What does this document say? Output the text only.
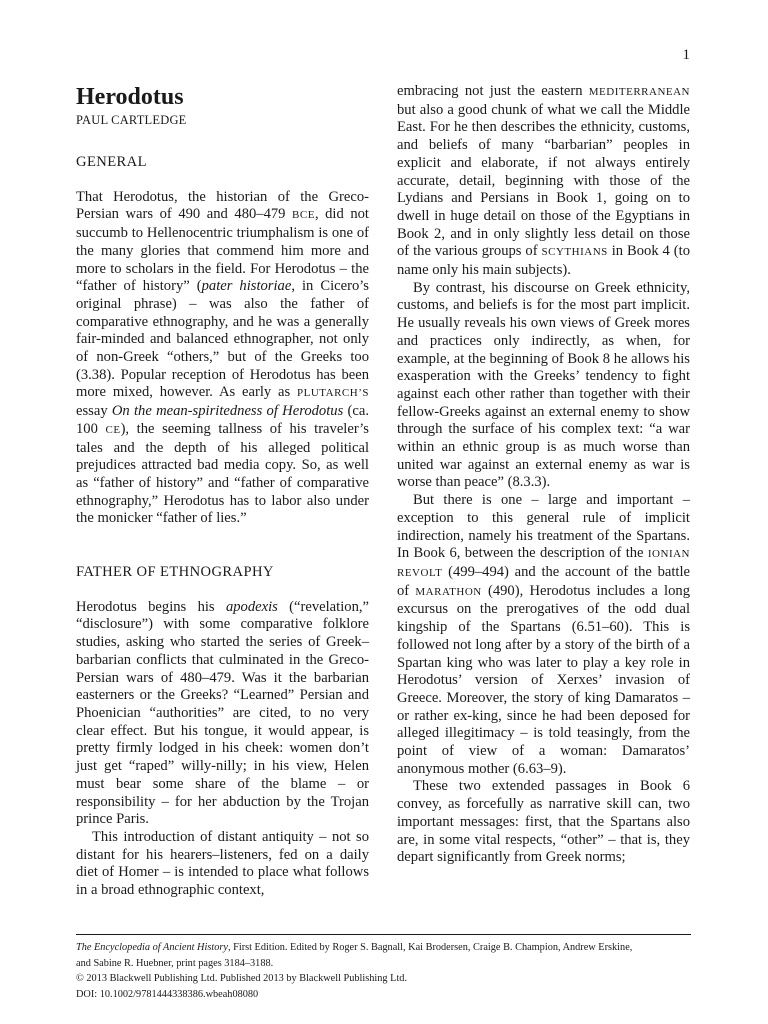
1
Herodotus
PAUL CARTLEDGE
GENERAL

That Herodotus, the historian of the Greco-Persian wars of 490 and 480–479 BCE, did not succumb to Hellenocentric triumphalism is one of the many glories that commend him more and more to scholars in the field. For Herodotus – the “father of history” (pater historiae, in Cicero’s original phrase) – was also the father of comparative ethnography, and he was a generally fair-minded and balanced ethnographer, not only of non-Greek “others,” but of the Greeks too (3.38). Popular reception of Herodotus has been more mixed, however. As early as PLUTARCH’S essay On the mean-spiritedness of Herodotus (ca. 100 CE), the seeming tallness of his traveler’s tales and the depth of his alleged political prejudices attracted bad media copy. So, as well as “father of history” and “father of comparative ethnography,” Herodotus has to labor also under the monicker “father of lies.”

FATHER OF ETHNOGRAPHY

Herodotus begins his apodexis (“revelation,” “disclosure”) with some comparative folklore studies, asking who started the series of Greek–barbarian conflicts that culminated in the Greco-Persian wars of 480–479. Was it the barbarian easterners or the Greeks? “Learned” Persian and Phoenician “authorities” are cited, to no very clear effect. But his tongue, it would appear, is pretty firmly lodged in his cheek: women don’t just get “raped” willy-nilly; in his view, Helen must bear some share of the blame – or responsibility – for her abduction by the Trojan prince Paris.

This introduction of distant antiquity – not so distant for his hearers–listeners, fed on a daily diet of Homer – is intended to place what follows in a broad ethnographic context,

embracing not just the eastern MEDITERRANEAN but also a good chunk of what we call the Middle East. For he then describes the ethnicity, customs, and beliefs of many “barbarian” peoples in explicit and elaborate, if not always entirely accurate, detail, beginning with those of the Lydians and Persians in Book 1, going on to dwell in huge detail on those of the Egyptians in Book 2, and in only slightly less detail on those of the various groups of SCYTHIANS in Book 4 (to name only his main subjects).

By contrast, his discourse on Greek ethnicity, customs, and beliefs is for the most part implicit. He usually reveals his own views of Greek mores and practices only indirectly, as when, for example, at the beginning of Book 8 he allows his exasperation with the Greeks’ tendency to fight against each other rather than together with their fellow-Greeks against an external enemy to show through the surface of his complex text: “a war within an ethnic group is as much worse than united war against an external enemy as war is worse than peace” (8.3.3).

But there is one – large and important – exception to this general rule of implicit indirection, namely his treatment of the Spartans. In Book 6, between the description of the IONIAN REVOLT (499–494) and the account of the battle of MARATHON (490), Herodotus includes a long excursus on the prerogatives of the odd dual kingship of the Spartans (6.51–60). This is followed not long after by a story of the birth of a Spartan king who was later to play a key role in Herodotus’ version of Xerxes’ invasion of Greece. Moreover, the story of king Damaratos – or rather ex-king, since he had been deposed for alleged illegitimacy – is told teasingly, from the point of view of a woman: Damaratos’ anonymous mother (6.63–9).

These two extended passages in Book 6 convey, as forcefully as narrative skill can, two important messages: first, that the Spartans also are, in some vital respects, “other” – that is, they depart significantly from Greek norms;

The Encyclopedia of Ancient History, First Edition. Edited by Roger S. Bagnall, Kai Brodersen, Craige B. Champion, Andrew Erskine,
and Sabine R. Huebner, print pages 3184–3188.
© 2013 Blackwell Publishing Ltd. Published 2013 by Blackwell Publishing Ltd.
DOI: 10.1002/9781444338386.wbeah08080
